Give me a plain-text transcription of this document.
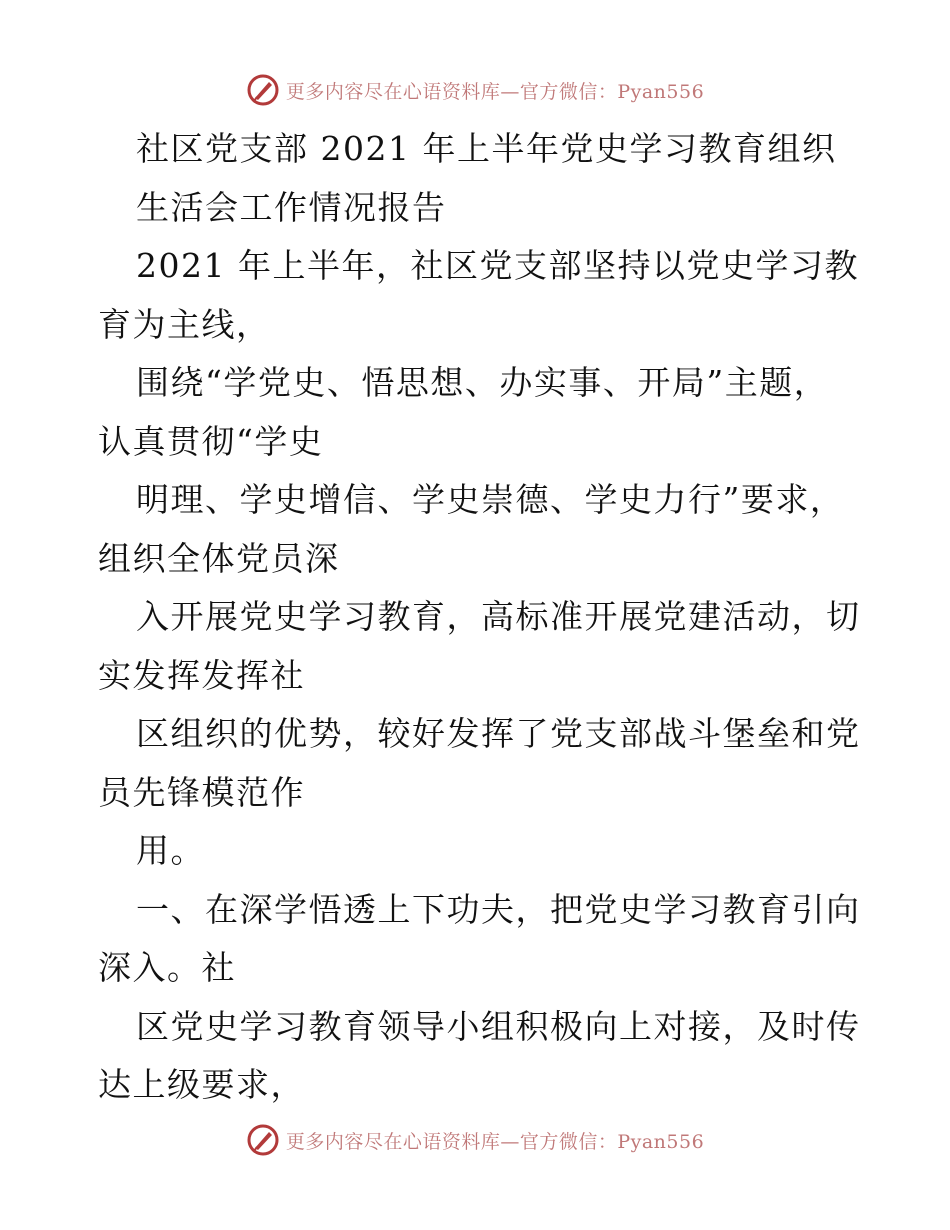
更多内容尽在心语资料库—官方微信：Pyan556
社区党支部 2021 年上半年党史学习教育组织
生活会工作情况报告
2021 年上半年，社区党支部坚持以党史学习教
育为主线，
围绕“学党史、悟思想、办实事、开局”主题，
认真贯彻“学史
明理、学史增信、学史崇德、学史力行”要求，
组织全体党员深
入开展党史学习教育，高标准开展党建活动，切
实发挥发挥社
区组织的优势，较好发挥了党支部战斗堡垒和党
员先锋模范作
用。
一、在深学悟透上下功夫，把党史学习教育引向
深入。社
区党史学习教育领导小组积极向上对接，及时传
达上级要求，
更多内容尽在心语资料库—官方微信：Pyan556
